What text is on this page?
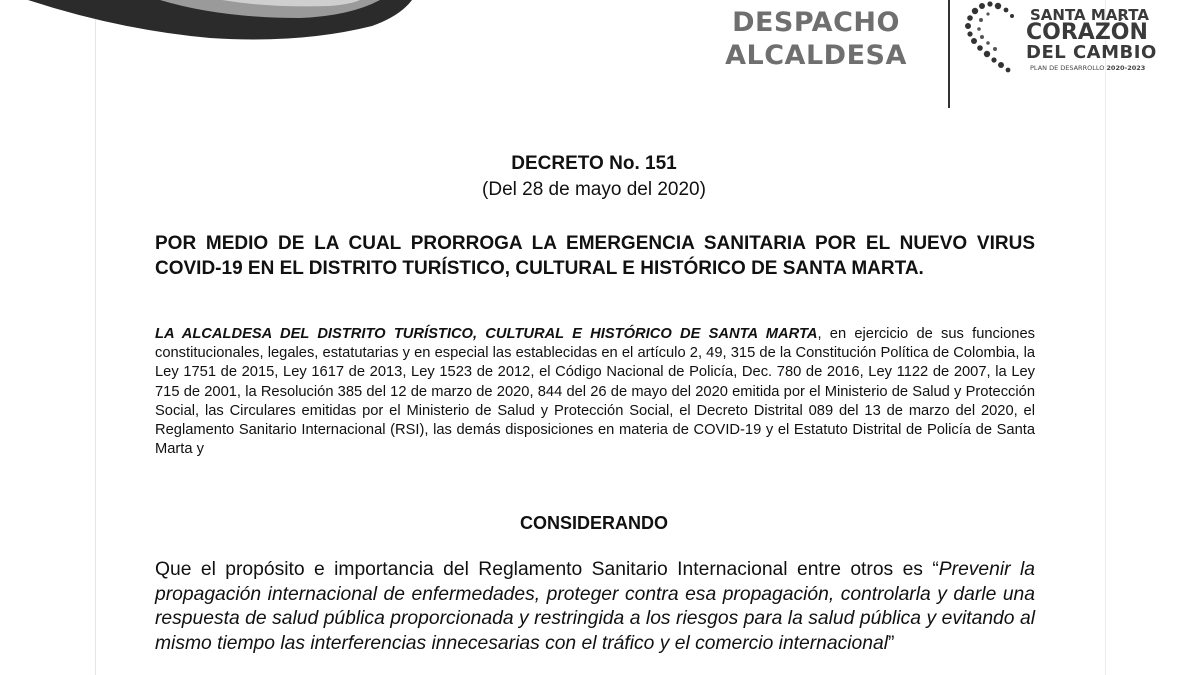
DESPACHO
ALCALDESA
SANTA MARTA
CORAZÓN
DEL CAMBIO
PLAN DE DESARROLLO 2020-2023
DECRETO No. 151
(Del 28 de mayo del 2020)
POR MEDIO DE LA CUAL PRORROGA LA EMERGENCIA SANITARIA POR EL NUEVO VIRUS COVID-19 EN EL DISTRITO TURÍSTICO, CULTURAL E HISTÓRICO DE SANTA MARTA.
LA ALCALDESA DEL DISTRITO TURÍSTICO, CULTURAL E HISTÓRICO DE SANTA MARTA, en ejercicio de sus funciones constitucionales, legales, estatutarias y en especial las establecidas en el artículo 2, 49, 315 de la Constitución Política de Colombia, la Ley 1751 de 2015, Ley 1617 de 2013, Ley 1523 de 2012, el Código Nacional de Policía, Dec. 780 de 2016, Ley 1122 de 2007, la Ley 715 de 2001, la Resolución 385 del 12 de marzo de 2020, 844 del 26 de mayo del 2020 emitida por el Ministerio de Salud y Protección Social, las Circulares emitidas por el Ministerio de Salud y Protección Social, el Decreto Distrital 089 del 13 de marzo del 2020, el Reglamento Sanitario Internacional (RSI), las demás disposiciones en materia de COVID-19 y el Estatuto Distrital de Policía de Santa Marta y
CONSIDERANDO
Que el propósito e importancia del Reglamento Sanitario Internacional entre otros es “Prevenir la propagación internacional de enfermedades, proteger contra esa propagación, controlarla y darle una respuesta de salud pública proporcionada y restringida a los riesgos para la salud pública y evitando al mismo tiempo las interferencias innecesarias con el tráfico y el comercio internacional”
